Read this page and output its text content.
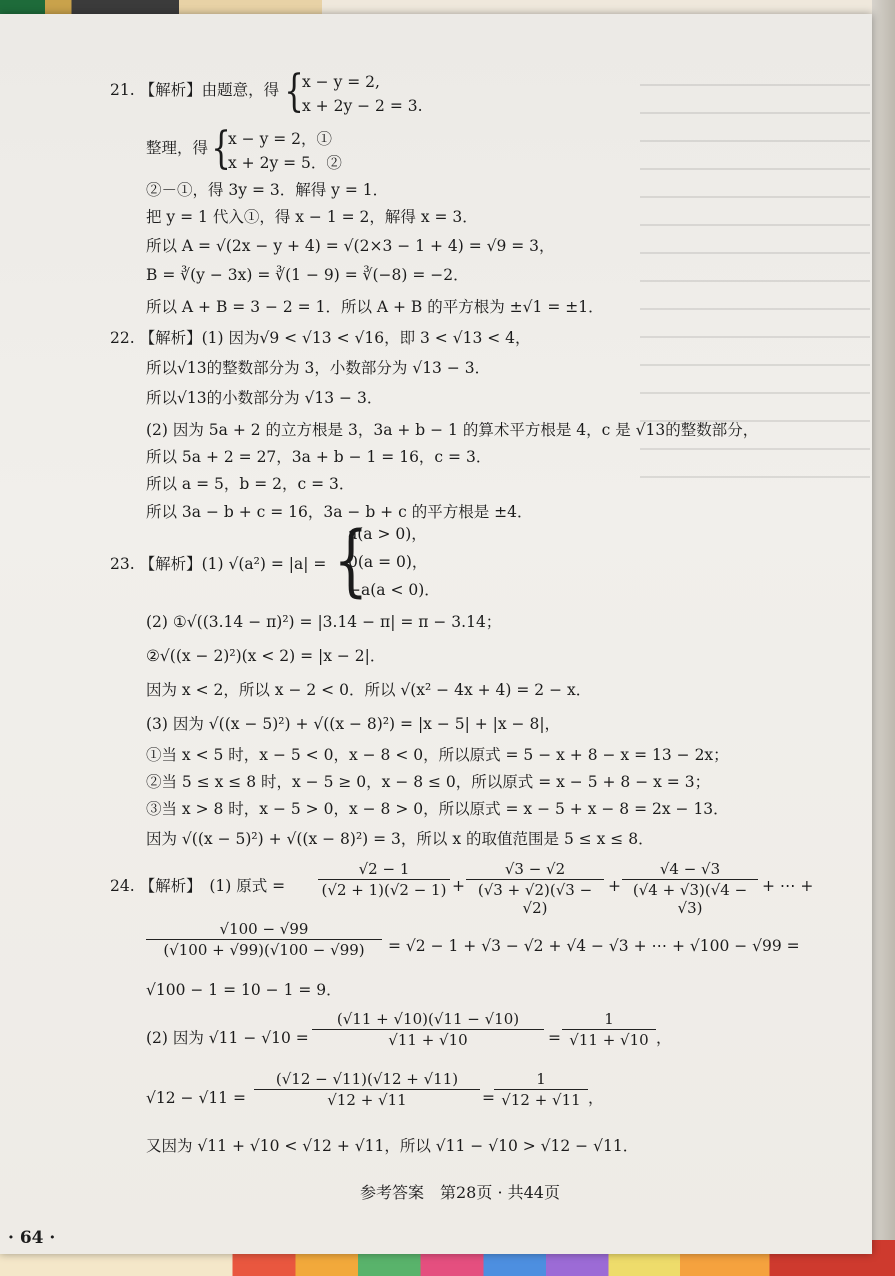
21. 【解析】由题意，得 {
x − y = 2,
x + 2y − 2 = 3.
整理，得 {
x − y = 2，①
x + 2y = 5．②
②－①，得 3y = 3．解得 y = 1．
把 y = 1 代入①，得 x − 1 = 2，解得 x = 3．
所以 A = √(2x − y + 4) = √(2×3 − 1 + 4) = √9 = 3，
B = ∛(y − 3x) = ∛(1 − 9) = ∛(−8) = −2．
所以 A + B = 3 − 2 = 1．所以 A + B 的平方根为 ±√1 = ±1．
22. 【解析】(1) 因为√9 < √13 < √16，即 3 < √13 < 4，
所以√13的整数部分为 3，小数部分为 √13 − 3．
所以√13的小数部分为 √13 − 3．
(2) 因为 5a + 2 的立方根是 3，3a + b − 1 的算术平方根是 4，c 是 √13的整数部分，
所以 5a + 2 = 27，3a + b − 1 = 16，c = 3．
所以 a = 5，b = 2，c = 3．
所以 3a − b + c = 16，3a − b + c 的平方根是 ±4．
23. 【解析】(1) √(a²) = |a| = {
a(a > 0)，
0(a = 0)，
−a(a < 0)．
(2) ①√((3.14 − π)²) = |3.14 − π| = π − 3.14；
②√((x − 2)²)(x < 2) = |x − 2|．
因为 x < 2，所以 x − 2 < 0．所以 √(x² − 4x + 4) = 2 − x．
(3) 因为 √((x − 5)²) + √((x − 8)²) = |x − 5| + |x − 8|，
①当 x < 5 时，x − 5 < 0，x − 8 < 0，所以原式 = 5 − x + 8 − x = 13 − 2x；
②当 5 ≤ x ≤ 8 时，x − 5 ≥ 0，x − 8 ≤ 0，所以原式 = x − 5 + 8 − x = 3；
③当 x > 8 时，x − 5 > 0，x − 8 > 0，所以原式 = x − 5 + x − 8 = 2x − 13．
因为 √((x − 5)²) + √((x − 8)²) = 3，所以 x 的取值范围是 5 ≤ x ≤ 8．
24. 【解析】　(1) 原式 = $\frac{√2 - 1}{(√2 + 1)(√2 - 1)} + \frac{√3 - √2}{(√3 + √2)(√3 - √2)} + \frac{√4 - √3}{(√4 + √3)(√4 - √3)}$ + ⋯ +
$\frac{√100 - √99}{(√100 + √99)(√100 - √99)} = √2 - 1 + √3 - √2 + √4 - √3$ + ⋯ + √100 − √99 =
√100 − 1 = 10 − 1 = 9．
(2) 因为 $√11 - √10 = \frac{(√11 + √10)(√11 - √10)}{√11 + √10} = \frac{1}{√11 + √10}$ ，
$√12 - √11 = \frac{(√12 - √11)(√12 + √11)}{√12 + √11} = \frac{1}{√12 + √11}$ ，
又因为 √11 + √10 < √12 + √11，所以 √11 − √10 > √12 − √11．
参考答案　第28页 · 共44页
· 64 ·
